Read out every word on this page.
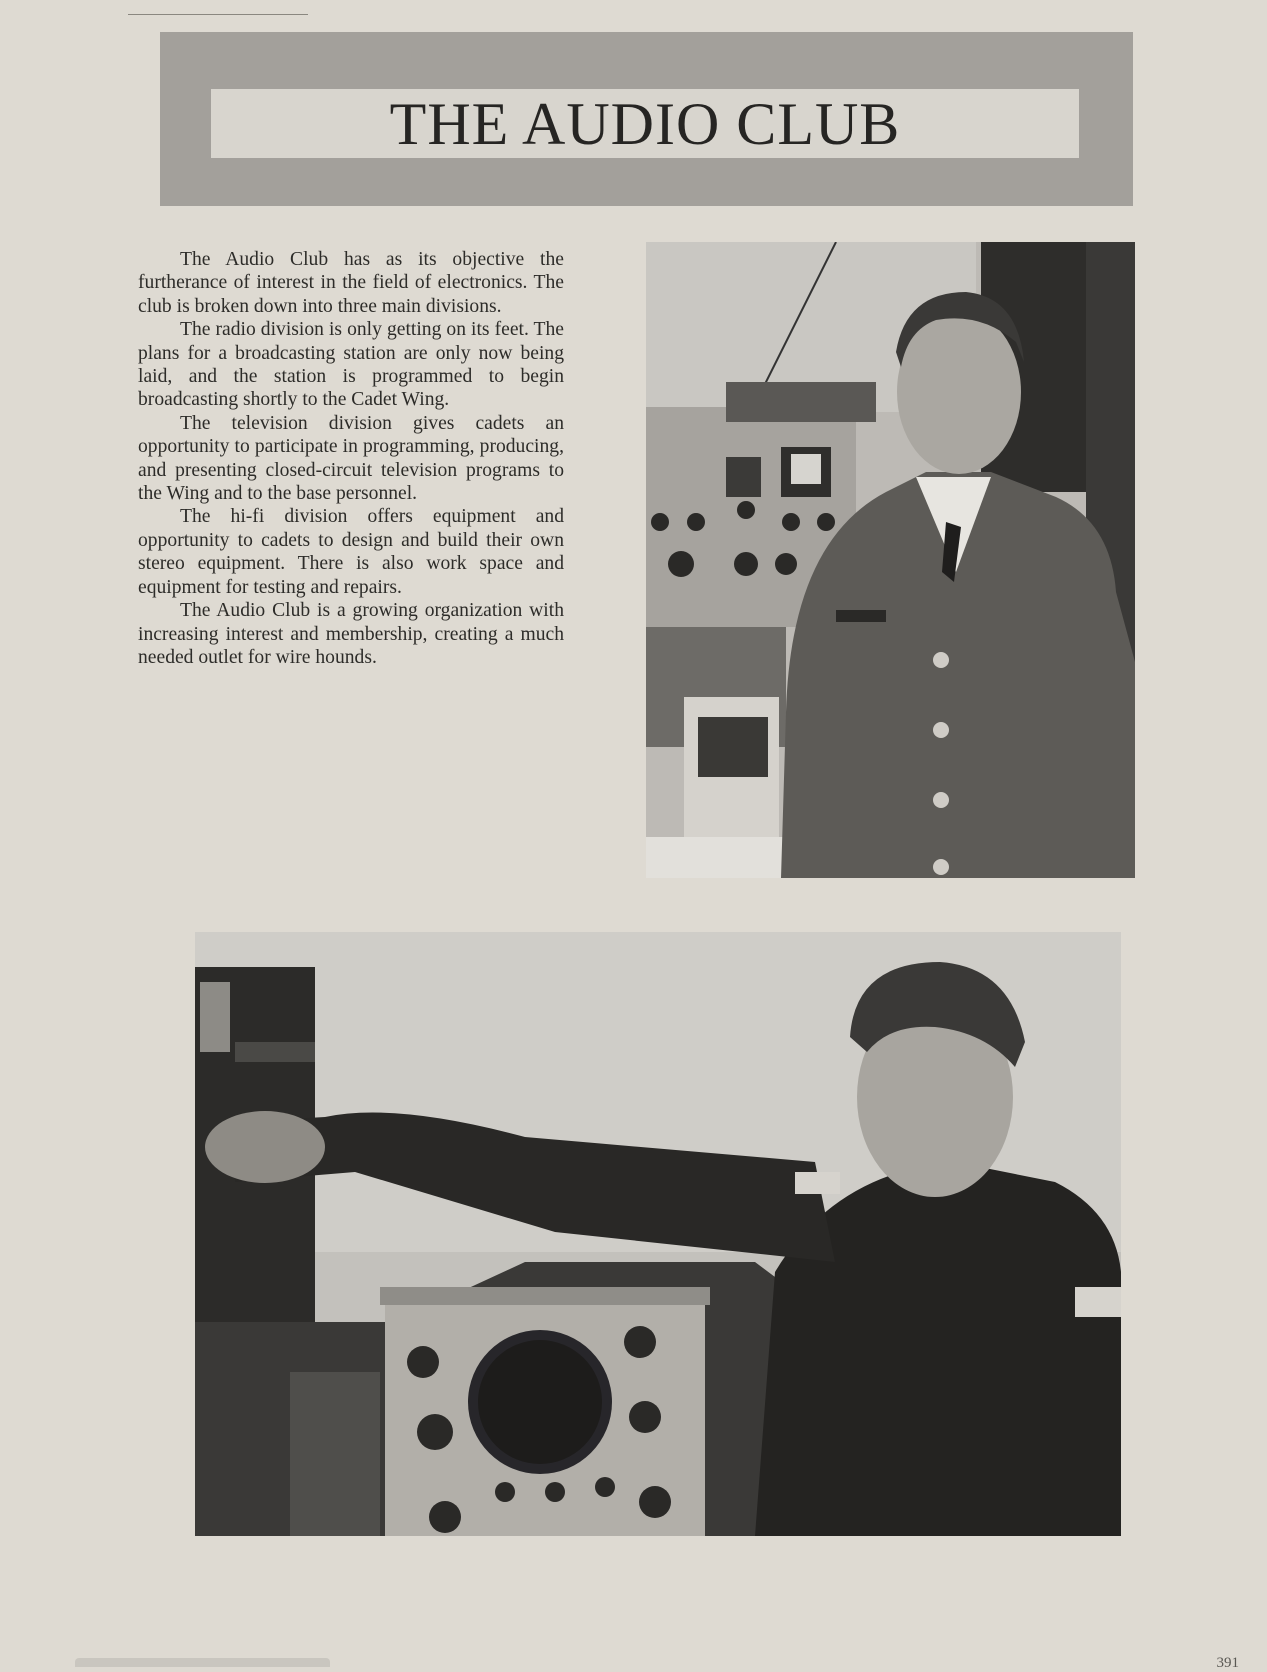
THE AUDIO CLUB

The Audio Club has as its objective the furtherance of interest in the field of electronics. The club is broken down into three main divisions.

The radio division is only getting on its feet. The plans for a broadcasting station are only now being laid, and the station is programmed to begin broadcasting shortly to the Cadet Wing.

The television division gives cadets an opportunity to participate in programming, producing, and presenting closed-circuit television programs to the Wing and to the base personnel.

The hi-fi division offers equipment and opportunity to cadets to design and build their own stereo equipment. There is also work space and equipment for testing and repairs.

The Audio Club is a growing organization with increasing interest and membership, creating a much needed outlet for wire hounds.

391
